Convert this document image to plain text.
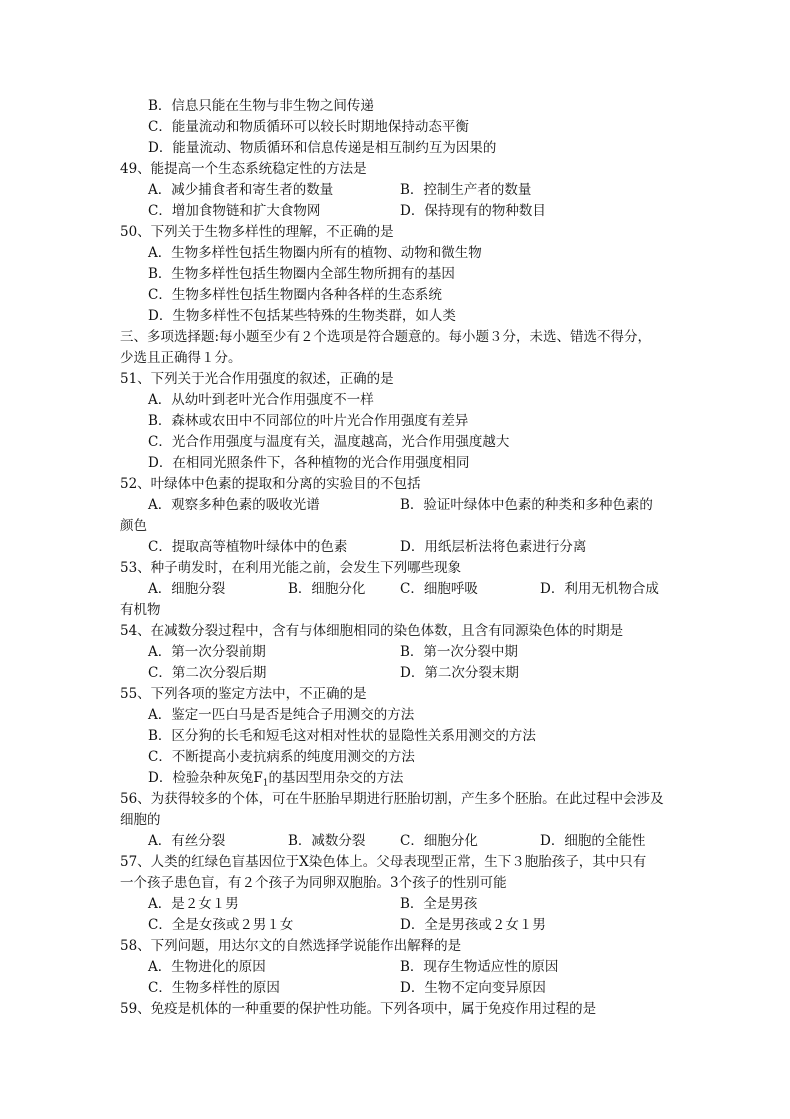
B．信息只能在生物与非生物之间传递
C．能量流动和物质循环可以较长时期地保持动态平衡
D．能量流动、物质循环和信息传递是相互制约互为因果的
49、能提高一个生态系统稳定性的方法是
A．减少捕食者和寄生者的数量	B．控制生产者的数量
C．增加食物链和扩大食物网	D．保持现有的物种数目
50、下列关于生物多样性的理解，不正确的是
A．生物多样性包括生物圈内所有的植物、动物和微生物
B．生物多样性包括生物圈内全部生物所拥有的基因
C．生物多样性包括生物圈内各种各样的生态系统
D．生物多样性不包括某些特殊的生物类群，如人类
三、多项选择题:每小题至少有２个选项是符合题意的。每小题３分，未选、错选不得分，
少选且正确得１分。
51、下列关于光合作用强度的叙述，正确的是
A．从幼叶到老叶光合作用强度不一样
B．森林或农田中不同部位的叶片光合作用强度有差异
C．光合作用强度与温度有关，温度越高，光合作用强度越大
D．在相同光照条件下，各种植物的光合作用强度相同
52、叶绿体中色素的提取和分离的实验目的不包括
A．观察多种色素的吸收光谱	B．验证叶绿体中色素的种类和多种色素的
颜色
C．提取高等植物叶绿体中的色素	D．用纸层析法将色素进行分离
53、种子萌发时，在利用光能之前，会发生下列哪些现象
A．细胞分裂	B．细胞分化	C．细胞呼吸	D．利用无机物合成
有机物
54、在减数分裂过程中，含有与体细胞相同的染色体数，且含有同源染色体的时期是
A．第一次分裂前期	B．第一次分裂中期
C．第二次分裂后期	D．第二次分裂末期
55、下列各项的鉴定方法中，不正确的是
A．鉴定一匹白马是否是纯合子用测交的方法
B．区分狗的长毛和短毛这对相对性状的显隐性关系用测交的方法
C．不断提高小麦抗病系的纯度用测交的方法
D．检验杂种灰兔$F_1$的基因型用杂交的方法
56、为获得较多的个体，可在牛胚胎早期进行胚胎切割，产生多个胚胎。在此过程中会涉及
细胞的
A．有丝分裂	B．减数分裂	C．细胞分化	D．细胞的全能性
57、人类的红绿色盲基因位于X染色体上。父母表现型正常，生下３胞胎孩子，其中只有
一个孩子患色盲，有２个孩子为同卵双胞胎。3个孩子的性别可能
A．是２女１男	B．全是男孩
C．全是女孩或２男１女	D．全是男孩或２女１男
58、下列问题，用达尔文的自然选择学说能作出解释的是
A．生物进化的原因	B．现存生物适应性的原因
C．生物多样性的原因	D．生物不定向变异原因
59、免疫是机体的一种重要的保护性功能。下列各项中，属于免疫作用过程的是
